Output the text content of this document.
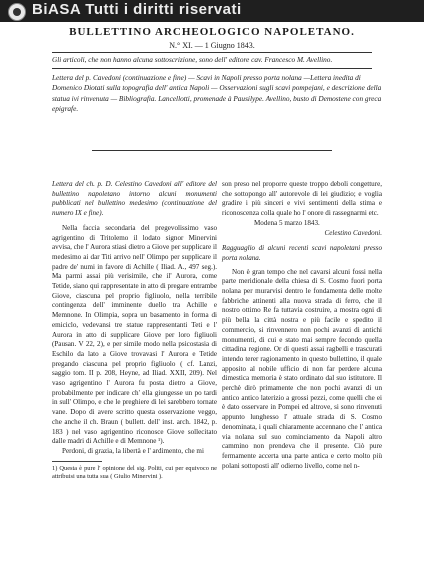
BiASA Tutti i diritti riservati
BULLETTINO ARCHEOLOGICO NAPOLETANO.
N.° XI. — 1 Giugno 1843.
Gli articoli, che non hanno alcuna sottoscrizione, sono dell' editore cav. Francesco M. Avellino.
Lettera del p. Cavedoni (continuazione e fine) — Scavi in Napoli presso porta nolana —Lettera inedita di Domenico Diotati sulla topografia dell' antica Napoli — Osservazioni sugli scavi pompejani, e descrizione della statua ivi rinvenuta — Bibliografia. Lancellotti, promenade à Pausilype. Avellino, busto di Demostene con greca epigrafe.

Lettera del ch. p. D. Celestino Cavedoni all' editore del bullettino napoletano intorno alcuni monumenti pubblicati nel bullettino medesimo (continuazione del numero IX e fine).

Nella faccia secondaria del pregevolissimo vaso agrigentino di Tritolemo il lodato signor Minervini avvisa, che l' Aurora stiasi dietro a Giove per supplicare il medesimo ai dar Titi arrivo nell' Olimpo per supplicare il padre de' numi in favore di Achille ( Iliad. A., 497 seg.). Ma parmi assai più verisimile, che il' Aurora, come Tetide, siano qui rappresentate in atto di pregare entrambe Giove, ciascuna pel proprio figliuolo, nella terribile contingenza dell' imminente duello tra Achille e Memnone. In Olimpia, sopra un basamento in forma di emiciclo, vedevansi tre statue rappresentanti Teti e l' Aurora in atto di supplicare Giove per loro figliuoli (Pausan. V 22, 2), e per simile modo nella psicostasia di Eschilo da lato a Giove trovavasi l' Aurora e Tetide pregando ciascuna pel proprio figliuolo ( cf. Lanzi, saggio tom. II p. 208, Heyne, ad Iliad. XXII, 209). Nel vaso agrigentino l' Aurora fu posta dietro a Giove, probabilmente per indicare ch' ella giungesse un po tardi in sull' Olimpo, e che le preghiere di lei sarebbero tornate vane. Dopo di avere scritto questa osservazione veggo, che anche il ch. Braun ( bullett. dell' inst. arch. 1842, p. 183 ) nel vaso agrigentino riconosce Giove sollecitato dalle madri di Achille e di Memnone ¹).

Perdoni, di grazia, la libertà e l' ardimento, che mi

1) Questa è pure l' opinione del sig. Politi, cui per equivoco ne attribuisi una tutta sua ( Giulio Minervini ).

son preso nel proporre queste troppo deboli congetture, che sottopongo all' autorevole di lei giudizio; e voglia gradire i più sinceri e vivi sentimenti della stima e riconoscenza colla quale ho l' onore di rassegnarmi etc.

Modena 5 marzo 1843.

Celestino Cavedoni.

Ragguaglio di alcuni recenti scavi napoletani presso porta nolana.

Non è gran tempo che nel cavarsi alcuni fossi nella parte meridionale della chiesa di S. Cosmo fuori porta nolana per murarvisi dentro le fondamenta delle molte fabbriche attinenti alla nuova strada di ferro, che il nostro ottimo Re fa tuttavia costruire, a mostra ogni di più bella la città nostra e più facile e spedito il commercio, si rinvennero non pochi avanzi di antichi monumenti, di cui e stato mai sempre fecondo quella cittadina regione. Or di questi assai ragbelli e trascurati intendo terer ragionamento in questo bullettino, il quale apposito al nobile ufficio di non far perdere alcuna dimestica memoria è stato ordinato dal suo istitutore. Il perchè dirò primamente che non pochi avanzi di un antico antico laterizio a grossi pezzi, come quelli che ei è dato osservare in Pompei ed altrove, si sono rinvenuti appunto lunghesso l' attuale strada di S. Cosmo denominata, i quali chiaramente accennano che l' antica via nolana sul suo cominciamento da Napoli altro cammino non prendeva che il presente. Ciò pure fermamente accerta una parte antica e certo molto più polani sottoposti all' odierno livello, come nel n-
